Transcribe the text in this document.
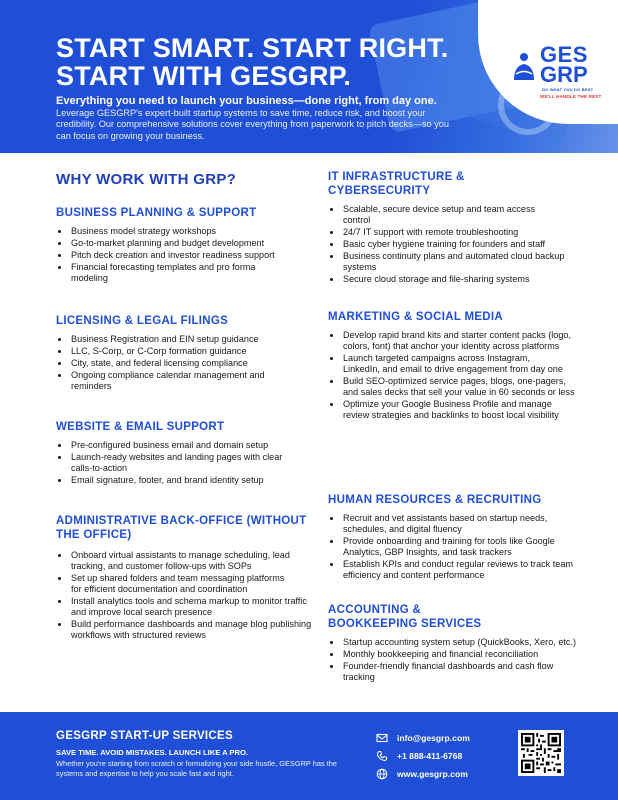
GES
GRP
DO WHAT YOU DO BEST
WE'LL HANDLE THE REST
START SMART. START RIGHT.
START WITH GESGRP.
Everything you need to launch your business—done right, from day one.
Leverage GESGRP's expert-built startup systems to save time, reduce risk, and boost your credibility. Our comprehensive solutions cover everything from paperwork to pitch decks—so you can focus on growing your business.
WHY WORK WITH GRP?
BUSINESS PLANNING & SUPPORT
Business model strategy workshops
Go-to-market planning and budget development
Pitch deck creation and investor readiness support
Financial forecasting templates and pro forma modeling
LICENSING & LEGAL FILINGS
Business Registration and EIN setup guidance
LLC, S-Corp, or C-Corp formation guidance
City, state, and federal licensing compliance
Ongoing compliance calendar management and reminders
WEBSITE & EMAIL SUPPORT
Pre-configured business email and domain setup
Launch-ready websites and landing pages with clear calls-to-action
Email signature, footer, and brand identity setup
ADMINISTRATIVE BACK-OFFICE (WITHOUT THE OFFICE)
Onboard virtual assistants to manage scheduling, lead tracking, and customer follow-ups with SOPs
Set up shared folders and team messaging platforms for efficient documentation and coordination
Install analytics tools and schema markup to monitor traffic and improve local search presence
Build performance dashboards and manage blog publishing workflows with structured reviews
IT INFRASTRUCTURE & CYBERSECURITY
Scalable, secure device setup and team access control
24/7 IT support with remote troubleshooting
Basic cyber hygiene training for founders and staff
Business continuity plans and automated cloud backup systems
Secure cloud storage and file-sharing systems
MARKETING & SOCIAL MEDIA
Develop rapid brand kits and starter content packs (logo, colors, font) that anchor your identity across platforms
Launch targeted campaigns across Instagram, LinkedIn, and email to drive engagement from day one
Build SEO-optimized service pages, blogs, one-pagers, and sales decks that sell your value in 60 seconds or less
Optimize your Google Business Profile and manage review strategies and backlinks to boost local visibility
HUMAN RESOURCES & RECRUITING
Recruit and vet assistants based on startup needs, schedules, and digital fluency
Provide onboarding and training for tools like Google Analytics, GBP Insights, and task trackers
Establish KPIs and conduct regular reviews to track team efficiency and content performance
ACCOUNTING & BOOKKEEPING SERVICES
Startup accounting system setup (QuickBooks, Xero, etc.)
Monthly bookkeeping and financial reconciliation
Founder-friendly financial dashboards and cash flow tracking
GESGRP START-UP SERVICES
SAVE TIME. AVOID MISTAKES. LAUNCH LIKE A PRO.
Whether you're starting from scratch or formalizing your side hustle, GESGRP has the systems and expertise to help you scale fast and right.
info@gesgrp.com
+1 888-411-6768
www.gesgrp.com
